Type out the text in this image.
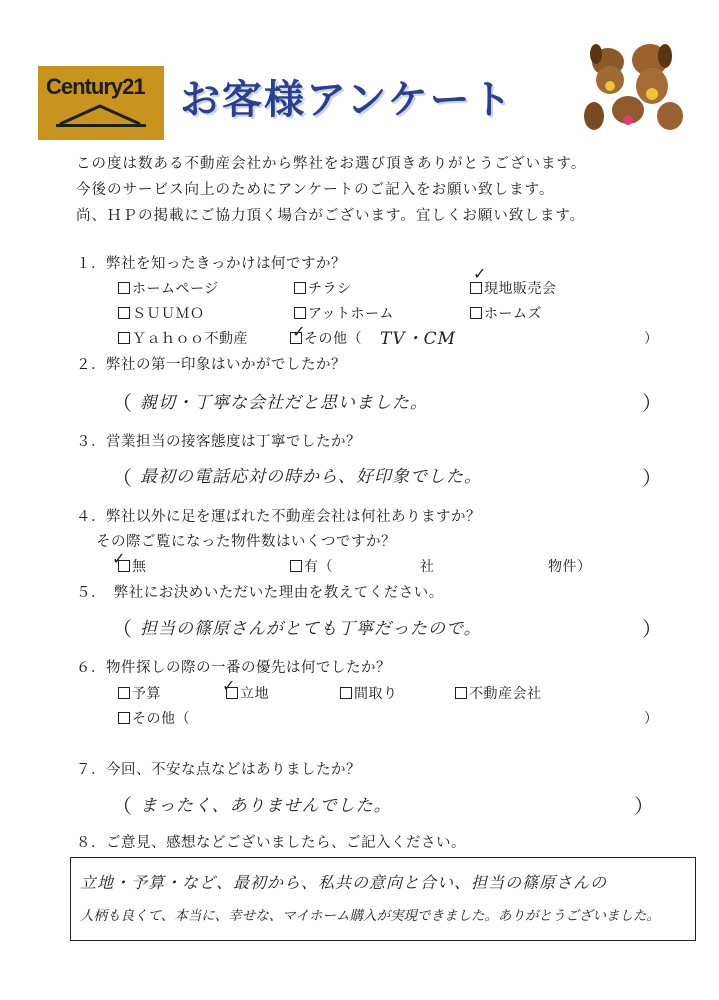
Century21 お客様アンケート
この度は数ある不動産会社から弊社をお選び頂きありがとうございます。
今後のサービス向上のためにアンケートのご記入をお願い致します。
尚、ＨＰの掲載にご協力頂く場合がございます。宜しくお願い致します。
１．弊社を知ったきっかけは何ですか？
ホームページ	チラシ	現地販売会
✓
ＳＵＵＭＯ	アットホーム	ホームズ
Ｙａｈｏｏ不動産	その他（
✓	TV・CM	）
２．弊社の第一印象はいかがでしたか？
（ 親切・丁寧な会社だと思いました。	）
３．営業担当の接客態度は丁寧でしたか？
（ 最初の電話応対の時から、好印象でした。	）
４．弊社以外に足を運ばれた不動産会社は何社ありますか？
その際ご覧になった物件数はいくつですか？
無
✓	有（	社	物件）
５．　弊社にお決めいただいた理由を教えてください。
（ 担当の篠原さんがとても丁寧だったので。	）
６．物件探しの際の一番の優先は何でしたか？
予算	立地
✓	間取り	不動産会社
その他（	）
７．今回、不安な点などはありましたか？
（ まったく、ありませんでした。	）
８．ご意見、感想などございましたら、ご記入ください。
立地・予算・など、最初から、私共の意向と合い、担当の篠原さんの
人柄も良くて、本当に、幸せな、マイホーム購入が実現できました。ありがとうございました。
